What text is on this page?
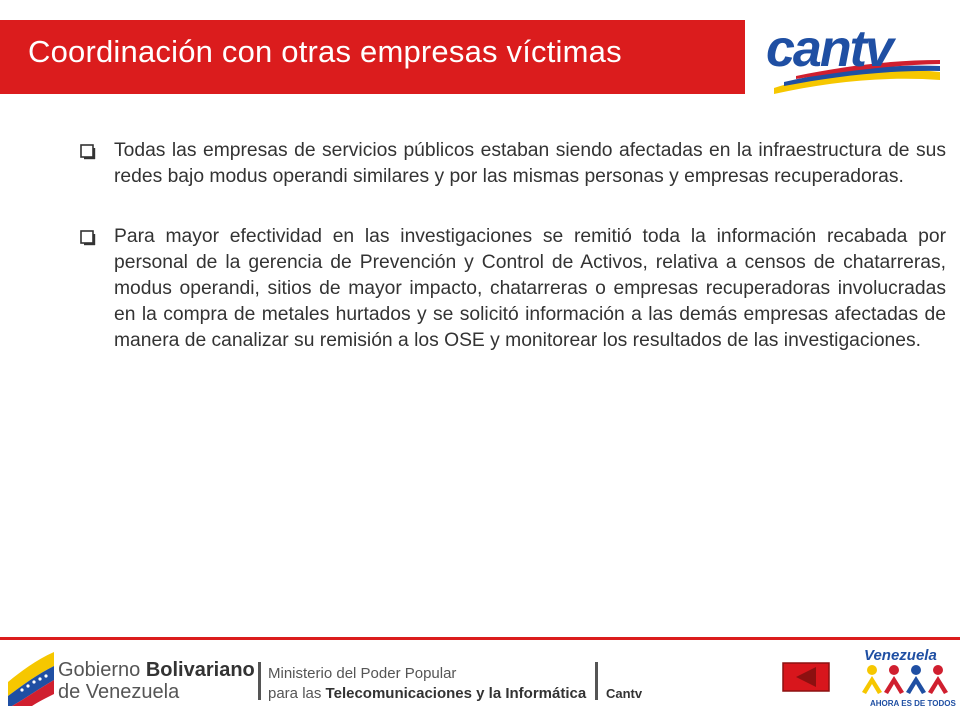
Coordinación con otras empresas víctimas	cantv
Todas las empresas de servicios públicos estaban siendo afectadas en la infraestructura de sus redes bajo modus operandi similares y por las mismas personas y empresas recuperadoras.
Para mayor efectividad en las investigaciones se remitió toda la información recabada por personal de la gerencia de Prevención y Control de Activos, relativa a censos de chatarreras, modus operandi, sitios de mayor impacto, chatarreras o empresas recuperadoras involucradas en la compra de metales hurtados y se solicitó información a las demás empresas afectadas de manera de canalizar su remisión a los OSE y monitorear los resultados de las investigaciones.
Gobierno Bolivariano
de Venezuela
Ministerio del Poder Popular
para las Telecomunicaciones y la Informática Cantv
Venezuela
AHORA ES DE TODOS
